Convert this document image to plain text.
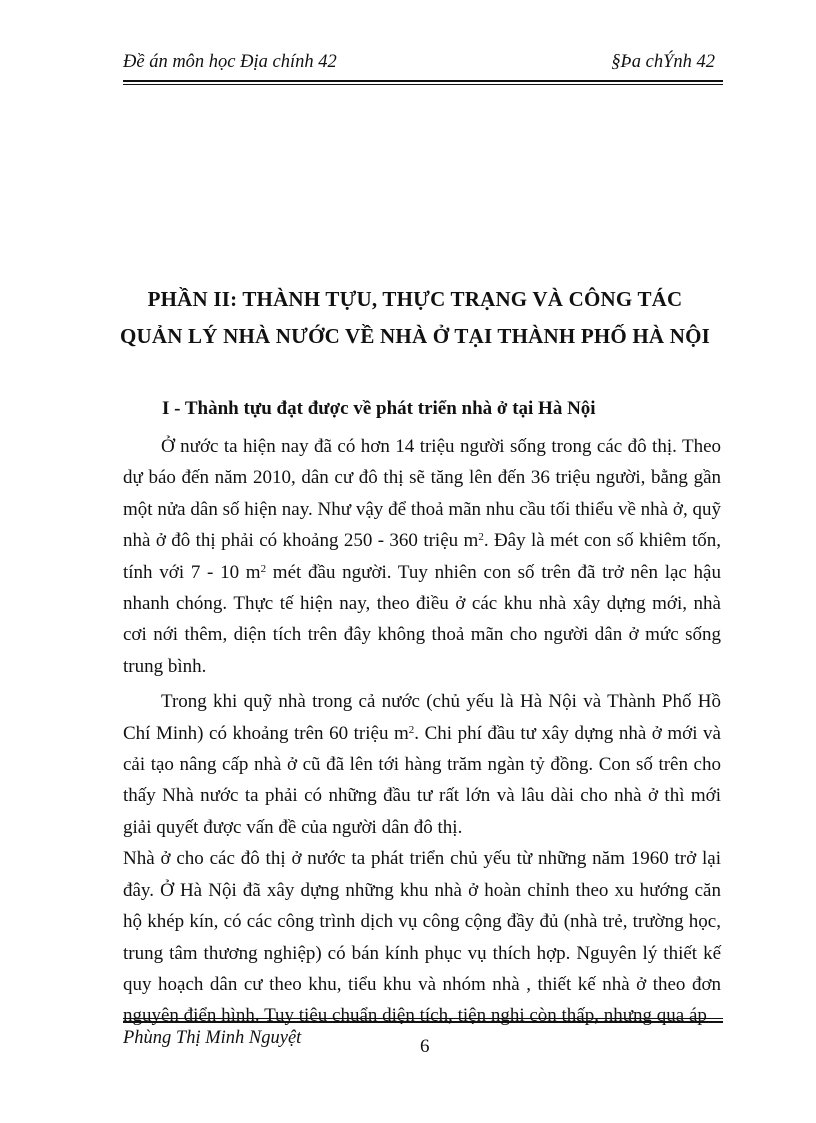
Đề án môn học Địa chính 42	§Þa chÝnh 42
PHẦN II: THÀNH TỰU, THỰC TRẠNG VÀ CÔNG TÁC
QUẢN LÝ NHÀ NƯỚC VỀ NHÀ Ở TẠI THÀNH PHỐ HÀ NỘI
I - Thành tựu đạt được về phát triển nhà ở tại Hà Nội

Ở nước ta hiện nay đã có hơn 14 triệu người sống trong các đô thị. Theo dự báo đến năm 2010, dân cư đô thị sẽ tăng lên đến 36 triệu người, bằng gần một nửa dân số hiện nay. Như vậy để thoả mãn nhu cầu tối thiểu về nhà ở, quỹ nhà ở đô thị phải có khoảng 250 - 360 triệu $m^2$. Đây là mét con số khiêm tốn, tính với 7 - 10 $m^2$ mét đầu người. Tuy nhiên con số trên đã trở nên lạc hậu nhanh chóng. Thực tế hiện nay, theo điều ở các khu nhà xây dựng mới, nhà cơi nới thêm, diện tích trên đây không thoả mãn cho người dân ở mức sống trung bình.

Trong khi quỹ nhà trong cả nước (chủ yếu là Hà Nội và Thành Phố Hồ Chí Minh) có khoảng trên 60 triệu $m^2$. Chi phí đầu tư xây dựng nhà ở mới và cải tạo nâng cấp nhà ở cũ đã lên tới hàng trăm ngàn tỷ đồng. Con số trên cho thấy Nhà nước ta phải có những đầu tư rất lớn và lâu dài cho nhà ở thì mới giải quyết được vấn đề của người dân đô thị.

Nhà ở cho các đô thị ở nước ta phát triển chủ yếu từ những năm 1960 trở lại đây. Ở Hà Nội đã xây dựng những khu nhà ở hoàn chỉnh theo xu hướng căn hộ khép kín, có các công trình dịch vụ công cộng đầy đủ (nhà trẻ, trường học, trung tâm thương nghiệp) có bán kính phục vụ thích hợp. Nguyên lý thiết kế quy hoạch dân cư theo khu, tiểu khu và nhóm nhà , thiết kế nhà ở theo đơn nguyên điển hình. Tuy tiêu chuẩn diện tích, tiện nghi còn thấp, nhưng qua áp

Phùng Thị Minh Nguyệt	6
